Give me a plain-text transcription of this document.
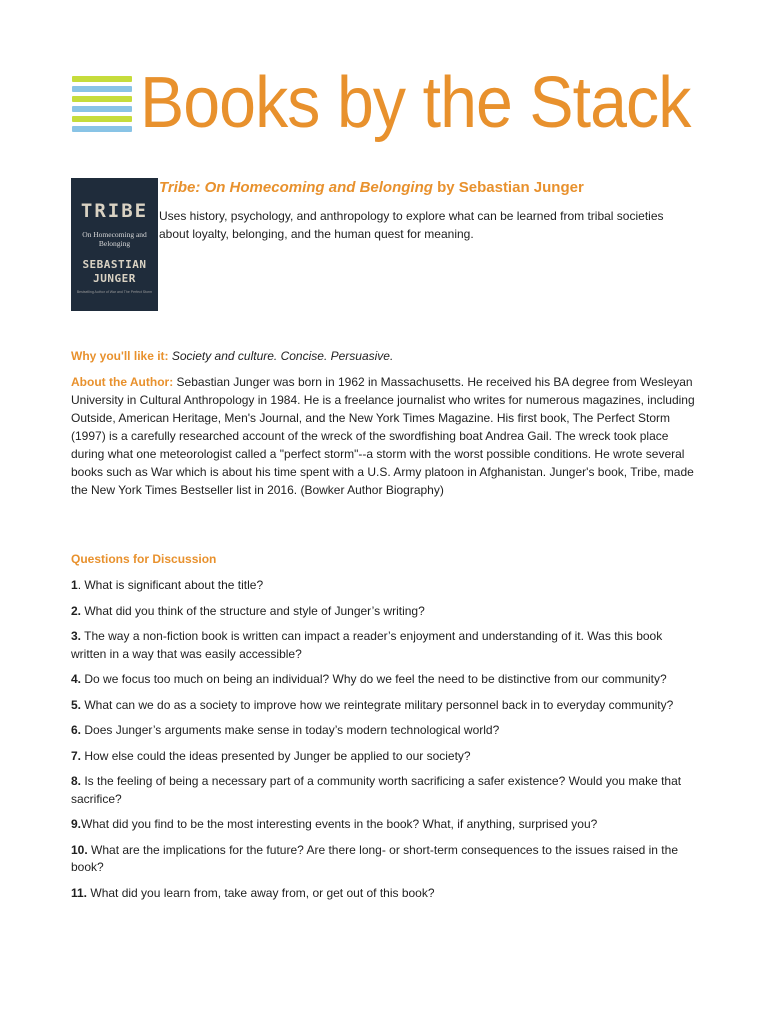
Books by the Stack
TRIBE
On Homecoming and Belonging
SEBASTIAN
JUNGER
Bestselling Author of War and The Perfect Storm
Tribe: On Homecoming and Belonging by Sebastian Junger
Uses history, psychology, and anthropology to explore what can be learned from tribal societies about loyalty, belonging, and the human quest for meaning.
Why you'll like it: Society and culture. Concise. Persuasive.
About the Author: Sebastian Junger was born in 1962 in Massachusetts. He received his BA degree from Wesleyan University in Cultural Anthropology in 1984. He is a freelance journalist who writes for numerous magazines, including Outside, American Heritage, Men's Journal, and the New York Times Magazine. His first book, The Perfect Storm (1997) is a carefully researched account of the wreck of the swordfishing boat Andrea Gail. The wreck took place during what one meteorologist called a "perfect storm"--a storm with the worst possible conditions. He wrote several books such as War which is about his time spent with a U.S. Army platoon in Afghanistan. Junger's book, Tribe, made the New York Times Bestseller list in 2016. (Bowker Author Biography)
Questions for Discussion
1. What is significant about the title?
2. What did you think of the structure and style of Junger’s writing?
3. The way a non-fiction book is written can impact a reader’s enjoyment and understanding of it. Was this book written in a way that was easily accessible?
4. Do we focus too much on being an individual? Why do we feel the need to be distinctive from our community?
5. What can we do as a society to improve how we reintegrate military personnel back in to everyday community?
6. Does Junger’s arguments make sense in today’s modern technological world?
7. How else could the ideas presented by Junger be applied to our society?
8. Is the feeling of being a necessary part of a community worth sacrificing a safer existence? Would you make that sacrifice?
9.What did you find to be the most interesting events in the book? What, if anything, surprised you?
10. What are the implications for the future? Are there long- or short-term consequences to the issues raised in the book?
11. What did you learn from, take away from, or get out of this book?
